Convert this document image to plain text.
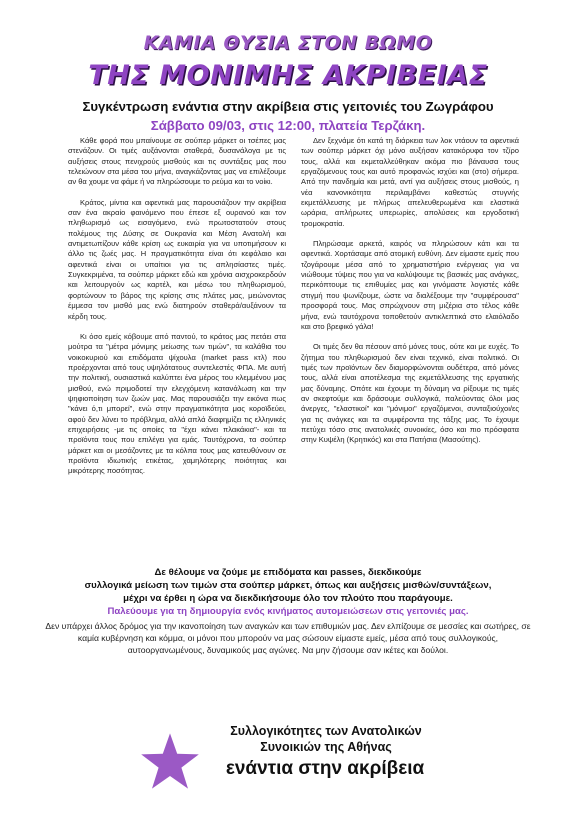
ΚΑΜΙΑ ΘΥΣΙΑ ΣΤΟΝ ΒΩΜΟ
ΤΗΣ ΜΟΝΙΜΗΣ ΑΚΡΙΒΕΙΑΣ
Συγκέντρωση ενάντια στην ακρίβεια στις γειτονιές του Ζωγράφου
Σάββατο 09/03, στις 12:00, πλατεία Τερζάκη.

Κάθε φορά που μπαίνουμε σε σούπερ μάρκετ οι τσέπες μας στενάζουν. Οι τιμές αυξάνονται σταθερά, δυσανάλογα με τις αυξήσεις στους πενιχρούς μισθούς και τις συντάξεις μας που τελειώνουν στα μέσα του μήνα, αναγκάζοντας μας να επιλέξουμε αν θα χουμε να φάμε ή να πληρώσουμε το ρεύμα και το νοίκι.

Κράτος, μίντια και αφεντικά μας παρουσιάζουν την ακρίβεια σαν ένα ακραίο φαινόμενο που έπεσε εξ ουρανού και τον πληθωρισμό ως εισαγόμενο, ενώ πρωτοστατούν στους πολέμους της Δύσης σε Ουκρανία και Μέση Ανατολή και αντιμετωπίζουν κάθε κρίση ως ευκαιρία για να υποτιμήσουν κι άλλο τις ζωές μας. Η πραγματικότητα είναι ότι κεφάλαιο και αφεντικά είναι οι υπαίτιοι για τις απλησίαστες τιμές. Συγκεκριμένα, τα σούπερ μάρκετ εδώ και χρόνια αισχροκερδούν και λειτουργούν ως καρτέλ, και μέσω του πληθωρισμού, φορτώνουν το βάρος της κρίσης στις πλάτες μας, μειώνοντας έμμεσα τον μισθό μας ενώ διατηρούν σταθερά/αυξάνουν τα κέρδη τους.

Κι όσο εμείς κόβουμε από παντού, το κράτος μας πετάει στα μούτρα τα "μέτρα μόνιμης μείωσης των τιμών", τα καλάθια του νοικοκυριού και επιδόματα ψίχουλα (market pass κτλ) που προέρχονται από τους υψηλότατους συντελεστές ΦΠΑ. Με αυτή την πολιτική, ουσιαστικά καλύπτει ένα μέρος του κλεμμένου μας μισθού, ενώ πριμοδοτεί την ελεγχόμενη κατανάλωση και την ψηφιοποίηση των ζωών μας. Μας παρουσιάζει την εικόνα πως "κάνει ό,τι μπορεί", ενώ στην πραγματικότητα μας κοροϊδεύει, αφού δεν λύνει το πρόβλημα, αλλά απλά διαφημίζει τις ελληνικές επιχειρήσεις -με τις οποίες τα "έχει κάνει πλακάκια"- και τα προϊόντα τους που επιλέγει για εμάς. Ταυτόχρονα, τα σούπερ μάρκετ και οι μεσάζοντες με τα κόλπα τους μας κατευθύνουν σε προϊόντα ιδιωτικής ετικέτας, χαμηλότερης ποιότητας και μικρότερης ποσότητας.

Δεν ξεχνάμε ότι κατά τη διάρκεια των λοκ ντάουν τα αφεντικά των σούπερ μάρκετ όχι μόνο αυξήσαν κατακόρυφα τον τζίρο τους, αλλά και εκμεταλλεύθηκαν ακόμα πιο βάναυσα τους εργαζόμενους τους και αυτό προφανώς ισχύει και (στο) σήμερα. Από την πανδημία και μετά, αντί για αυξήσεις στους μισθούς, η νέα κανονικότητα περιλαμβάνει καθεστώς στυγνής εκμετάλλευσης με πλήρως απελευθερωμένα και ελαστικά ωράρια, απλήρωτες υπερωρίες, απολύσεις και εργοδοτική τρομοκρατία.

Πληρώσαμε αρκετά, καιρός να πληρώσουν κάτι και τα αφεντικά. Χορτάσαμε από ατομική ευθύνη. Δεν είμαστε εμείς που τζογάρουμε μέσα από το χρηματιστήριο ενέργειας για να νιώθουμε τύψεις που για να καλύψουμε τις βασικές μας ανάγκες, περικόπτουμε τις επιθυμίες μας και γινόμαστε λογιστές κάθε στιγμή που ψωνίζουμε, ώστε να διαλέξουμε την "συμφέρουσα" προσφορά τους. Μας σπρώχνουν στη μιζέρια στο τέλος κάθε μήνα, ενώ ταυτόχρονα τοποθετούν αντικλεπτικά στο ελαιόλαδο και στο βρεφικό γάλα!

Οι τιμές δεν θα πέσουν από μόνες τους, ούτε και με ευχές. Το ζήτημα του πληθωρισμού δεν είναι τεχνικό, είναι πολιτικό. Οι τιμές των προϊόντων δεν διαμορφώνονται ουδέτερα, από μόνες τους, αλλά είναι αποτέλεσμα της εκμετάλλευσης της εργατικής μας δύναμης. Οπότε και έχουμε τη δύναμη να ρίξουμε τις τιμές αν σκεφτούμε και δράσουμε συλλογικά, παλεύοντας όλοι μας άνεργες, "ελαστικοί" και "μόνιμοι" εργαζόμενοι, συνταξιούχοι/ες για τις ανάγκες και τα συμφέροντα της τάξης μας. Το έχουμε πετύχει τόσο στις ανατολικές συνοικίες, όσο και πιο πρόσφατα στην Κυψέλη (Κρητικός) και στα Πατήσια (Μασούτης).

Δε θέλουμε να ζούμε με επιδόματα και passes, διεκδικούμε

συλλογικά μείωση των τιμών στα σούπερ μάρκετ, όπως και αυξήσεις μισθών/συντάξεων,

μέχρι να έρθει η ώρα να διεκδικήσουμε όλο τον πλούτο που παράγουμε.

Παλεύουμε για τη δημιουργία ενός κινήματος αυτομειώσεων στις γειτονιές μας.

Δεν υπάρχει άλλος δρόμος για την ικανοποίηση των αναγκών και των επιθυμιών μας. Δεν ελπίζουμε σε μεσσίες και σωτήρες, σε καμία κυβέρνηση και κόμμα, οι μόνοι που μπορούν να μας σώσουν είμαστε εμείς, μέσα από τους συλλογικούς, αυτοοργανωμένους, δυναμικούς μας αγώνες. Να μην ζήσουμε σαν ικέτες και δούλοι.

Συλλογικότητες των Ανατολικών
Συνοικιών της Αθήνας
ενάντια στην ακρίβεια
